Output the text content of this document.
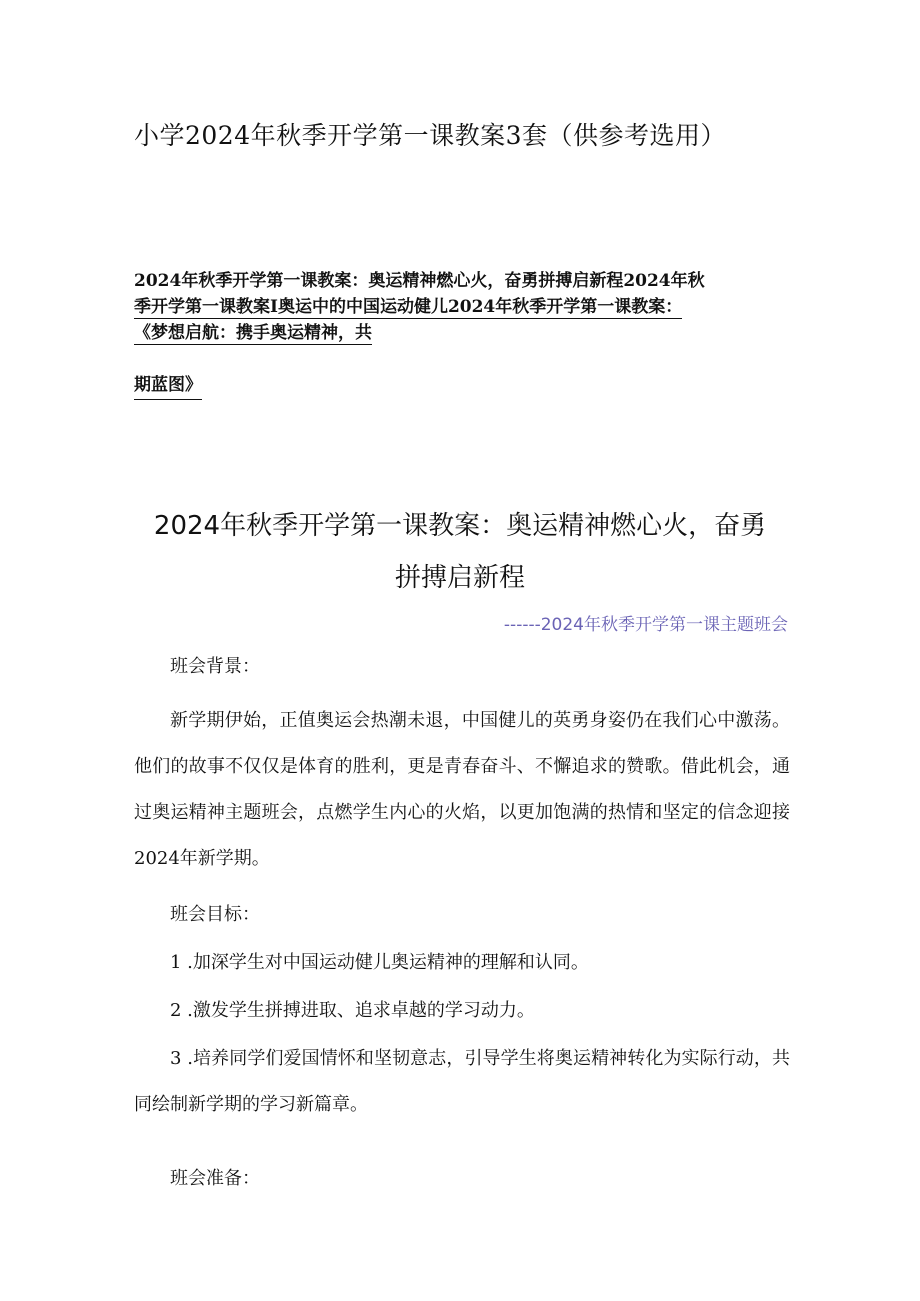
小学2024年秋季开学第一课教案3套（供参考选用）
2024年秋季开学第一课教案：奥运精神燃心火，奋勇拼搏启新程2024年秋
季开学第一课教案I奥运中的中国运动健儿2024年秋季开学第一课教案：
《梦想启航：携手奥运精神，共
期蓝图》
2024年秋季开学第一课教案：奥运精神燃心火，奋勇
拼搏启新程
------2024年秋季开学第一课主题班会

班会背景：

新学期伊始，正值奥运会热潮未退，中国健儿的英勇身姿仍在我们心中激荡。他们的故事不仅仅是体育的胜利，更是青春奋斗、不懈追求的赞歌。借此机会，通过奥运精神主题班会，点燃学生内心的火焰，以更加饱满的热情和坚定的信念迎接2024年新学期。

班会目标：

1 .加深学生对中国运动健儿奥运精神的理解和认同。

2 .激发学生拼搏进取、追求卓越的学习动力。

3 .培养同学们爱国情怀和坚韧意志，引导学生将奥运精神转化为实际行动，共同绘制新学期的学习新篇章。

班会准备：
